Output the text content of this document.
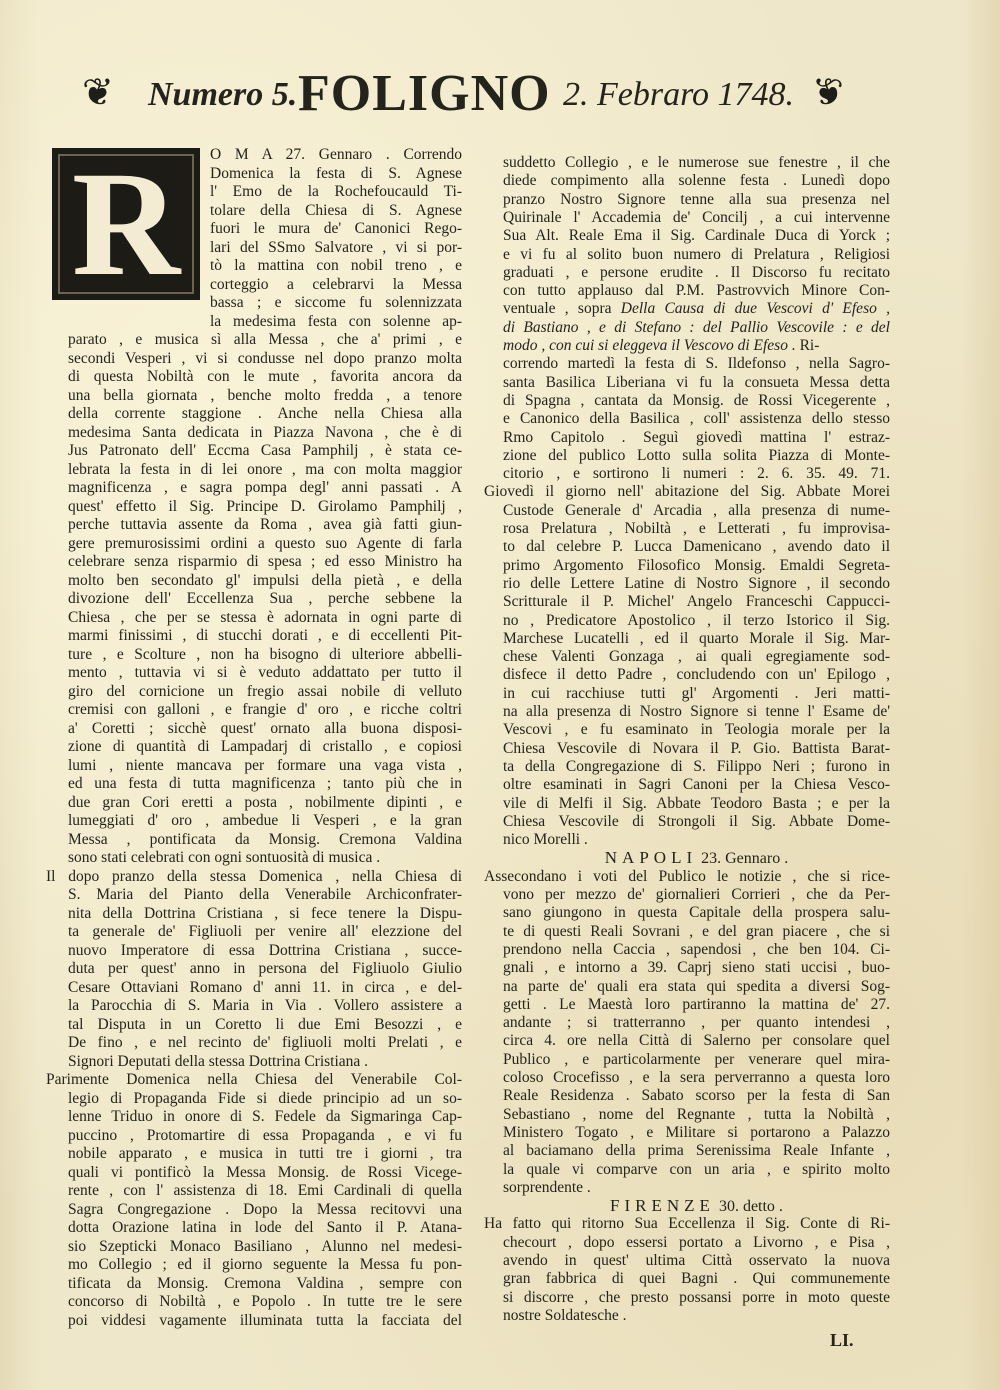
❦ Numero 5. FOLIGNO 2. Febraro 1748. ❦
R	O M A 27. Gennaro . Correndo
Domenica la festa di S. Agnese
l' Emo de la Rochefoucauld Ti-
tolare della Chiesa di S. Agnese
fuori le mura de' Canonici Rego-
lari del SSmo Salvatore , vi si por-
tò la mattina con nobil treno , e
corteggio a celebrarvi la Messa
bassa ; e siccome fu solennizzata
la medesima festa con solenne ap-
parato , e musica sì alla Messa , che a' primi , e
secondi Vesperi , vi si condusse nel dopo pranzo molta
di questa Nobiltà con le mute , favorita ancora da
una bella giornata , benche molto fredda , a tenore
della corrente staggione . Anche nella Chiesa alla
medesima Santa dedicata in Piazza Navona , che è di
Jus Patronato dell' Eccma Casa Pamphilj , è stata ce-
lebrata la festa in di lei onore , ma con molta maggior
magnificenza , e sagra pompa degl' anni passati . A
quest' effetto il Sig. Principe D. Girolamo Pamphilj ,
perche tuttavia assente da Roma , avea già fatti giun-
gere premurosissimi ordini a questo suo Agente di farla
celebrare senza risparmio di spesa ; ed esso Ministro ha
molto ben secondato gl' impulsi della pietà , e della
divozione dell' Eccellenza Sua , perche sebbene la
Chiesa , che per se stessa è adornata in ogni parte di
marmi finissimi , di stucchi dorati , e di eccellenti Pit-
ture , e Scolture , non ha bisogno di ulteriore abbelli-
mento , tuttavia vi si è veduto addattato per tutto il
giro del cornicione un fregio assai nobile di velluto
cremisi con galloni , e frangie d' oro , e ricche coltri
a' Coretti ; sicchè quest' ornato alla buona disposi-
zione di quantità di Lampadarj di cristallo , e copiosi
lumi , niente mancava per formare una vaga vista ,
ed una festa di tutta magnificenza ; tanto più che in
due gran Cori eretti a posta , nobilmente dipinti , e
lumeggiati d' oro , ambedue li Vesperi , e la gran
Messa , pontificata da Monsig. Cremona Valdina
sono stati celebrati con ogni sontuosità di musica .
Il dopo pranzo della stessa Domenica , nella Chiesa di
S. Maria del Pianto della Venerabile Archiconfrater-
nita della Dottrina Cristiana , si fece tenere la Dispu-
ta generale de' Figliuoli per venire all' elezzione del
nuovo Imperatore di essa Dottrina Cristiana , succe-
duta per quest' anno in persona del Figliuolo Giulio
Cesare Ottaviani Romano d' anni 11. in circa , e del-
la Parocchia di S. Maria in Via . Vollero assistere a
tal Disputa in un Coretto li due Emi Besozzi , e
De fino , e nel recinto de' figliuoli molti Prelati , e
Signori Deputati della stessa Dottrina Cristiana .
Parimente Domenica nella Chiesa del Venerabile Col-
legio di Propaganda Fide si diede principio ad un so-
lenne Triduo in onore di S. Fedele da Sigmaringa Cap-
puccino , Protomartire di essa Propaganda , e vi fu
nobile apparato , e musica in tutti tre i giorni , tra
quali vi pontificò la Messa Monsig. de Rossi Vicege-
rente , con l' assistenza di 18. Emi Cardinali di quella
Sagra Congregazione . Dopo la Messa recitovvi una
dotta Orazione latina in lode del Santo il P. Atana-
sio Szepticki Monaco Basiliano , Alunno nel medesi-
mo Collegio ; ed il giorno seguente la Messa fu pon-
tificata da Monsig. Cremona Valdina , sempre con
concorso di Nobiltà , e Popolo . In tutte tre le sere
poi viddesi vagamente illuminata tutta la facciata del
suddetto Collegio , e le numerose sue fenestre , il che
diede compimento alla solenne festa . Lunedì dopo
pranzo Nostro Signore tenne alla sua presenza nel
Quirinale l' Accademia de' Concilj , a cui intervenne
Sua Alt. Reale Ema il Sig. Cardinale Duca di Yorck ;
e vi fu al solito buon numero di Prelatura , Religiosi
graduati , e persone erudite . Il Discorso fu recitato
con tutto applauso dal P.M. Pastrovvich Minore Con-
ventuale , sopra Della Causa di due Vescovi d' Efeso ,
di Bastiano , e di Stefano : del Pallio Vescovile : e del
modo , con cui si eleggeva il Vescovo di Efeso . Ri-
correndo martedì la festa di S. Ildefonso , nella Sagro-
santa Basilica Liberiana vi fu la consueta Messa detta
di Spagna , cantata da Monsig. de Rossi Vicegerente ,
e Canonico della Basilica , coll' assistenza dello stesso
Rmo Capitolo . Seguì giovedì mattina l' estraz-
zione del publico Lotto sulla solita Piazza di Monte-
citorio , e sortirono li numeri : 2. 6. 35. 49. 71.
Giovedì il giorno nell' abitazione del Sig. Abbate Morei
Custode Generale d' Arcadia , alla presenza di nume-
rosa Prelatura , Nobiltà , e Letterati , fu improvisa-
to dal celebre P. Lucca Damenicano , avendo dato il
primo Argomento Filosofico Monsig. Emaldi Segreta-
rio delle Lettere Latine di Nostro Signore , il secondo
Scritturale il P. Michel' Angelo Franceschi Cappucci-
no , Predicatore Apostolico , il terzo Istorico il Sig.
Marchese Lucatelli , ed il quarto Morale il Sig. Mar-
chese Valenti Gonzaga , ai quali egregiamente sod-
disfece il detto Padre , concludendo con un' Epilogo ,
in cui racchiuse tutti gl' Argomenti . Jeri matti-
na alla presenza di Nostro Signore si tenne l' Esame de'
Vescovi , e fu esaminato in Teologia morale per la
Chiesa Vescovile di Novara il P. Gio. Battista Barat-
ta della Congregazione di S. Filippo Neri ; furono in
oltre esaminati in Sagri Canoni per la Chiesa Vesco-
vile di Melfi il Sig. Abbate Teodoro Basta ; e per la
Chiesa Vescovile di Strongoli il Sig. Abbate Dome-
nico Morelli .
NAPOLI 23. Gennaro .
Assecondano i voti del Publico le notizie , che si rice-
vono per mezzo de' giornalieri Corrieri , che da Per-
sano giungono in questa Capitale della prospera salu-
te di questi Reali Sovrani , e del gran piacere , che si
prendono nella Caccia , sapendosi , che ben 104. Ci-
gnali , e intorno a 39. Caprj sieno stati uccisi , buo-
na parte de' quali era stata qui spedita a diversi Sog-
getti . Le Maestà loro partiranno la mattina de' 27.
andante ; si tratterranno , per quanto intendesi ,
circa 4. ore nella Città di Salerno per consolare quel
Publico , e particolarmente per venerare quel mira-
coloso Crocefisso , e la sera perverranno a questa loro
Reale Residenza . Sabato scorso per la festa di San
Sebastiano , nome del Regnante , tutta la Nobiltà ,
Ministero Togato , e Militare si portarono a Palazzo
al baciamano della prima Serenissima Reale Infante ,
la quale vi comparve con un aria , e spirito molto
sorprendente .
FIRENZE 30. detto .
Ha fatto qui ritorno Sua Eccellenza il Sig. Conte di Ri-
checourt , dopo essersi portato a Livorno , e Pisa ,
avendo in quest' ultima Città osservato la nuova
gran fabbrica di quei Bagni . Qui communemente
si discorre , che presto possansi porre in moto queste
nostre Soldatesche .
LI.
